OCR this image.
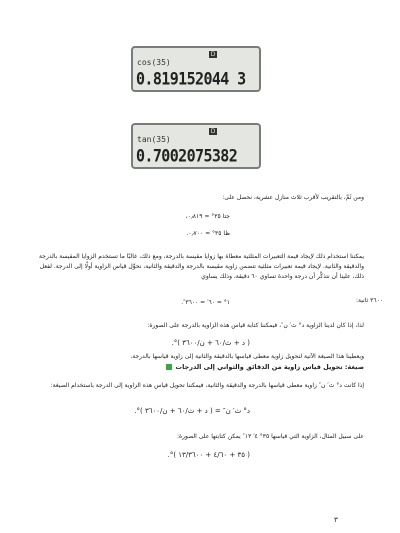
D
cos(35)
0.819152044 3
D
tan(35)
0.7002075382
ومن ثَمَّ، بالتقريب لأقرب ثلاث منازل عشرية، نحصل على:
جتا ٣٥° ≈ ٠٫٨١٩،
ظا ٣٥° ≈ ٠٫٧٠٠.
يمكننا استخدام ذلك لإيجاد قيمة التعبيرات المثلثية معطاة بها زوايا مقيسة بالدرجة، ومع ذلك، غالبًا ما تستخدم الزوايا المقيسة بالدرجة والدقيقة والثانية. لإيجاد قيمة تعبيرات مثلثية تتضمن زاوية مقيسة بالدرجة والدقيقة والثانية، نحوِّل قياس الزاوية أولًا إلى الدرجة. لفعل ذلك، علينا أن نتذكَّر أن درجة واحدة تساوي ٦٠ دقيقة، وذلك يساوي
٣٦٠٠ ثانية:
١° = ٦٠′ = ٣٦٠٠″.
لذا، إذا كان لدينا الزاوية د° ث′ ن″، فيمكننا كتابة قياس هذه الزاوية بالدرجة على الصورة:
( د + ث/٦٠ + ن/٣٦٠٠ )°.
ويعطينا هذا الصيغة الآتية لتحويل زاوية معطى قياسها بالدقيقة والثانية إلى زاوية قياسها بالدرجة.
صيغة: تحويل قياس زاوية من الدقائق والثواني إلى الدرجات
إذا كانت د° ث′ ن″ زاوية معطى قياسها بالدرجة والدقيقة والثانية، فيمكننا تحويل قياس هذه الزاوية إلى الدرجة باستخدام الصيغة:
د° ث′ ن″ = ( د + ث/٦٠ + ن/٣٦٠٠ )°.
على سبيل المثال، الزاوية التي قياسها ٣٥° ٤′ ١٣″ يمكن كتابتها على الصورة:
( ٣٥ + ٤/٦٠ + ١٣/٣٦٠٠ )°.
٣
